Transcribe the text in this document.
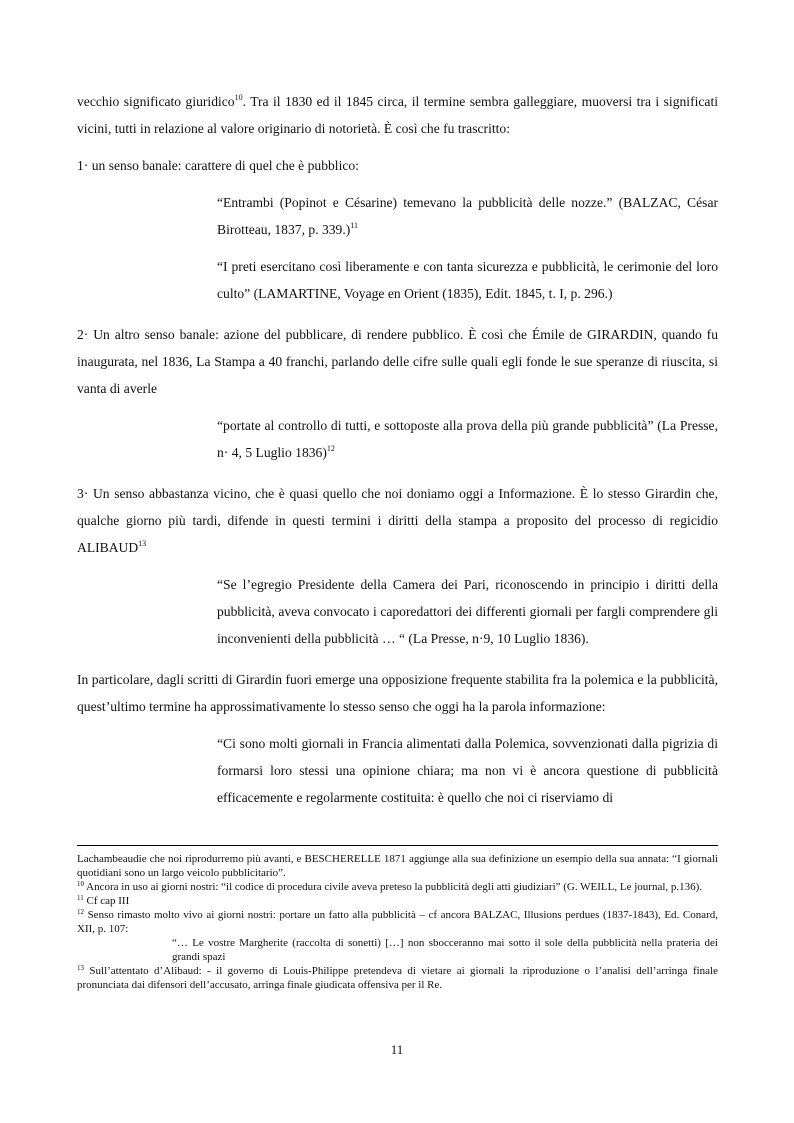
vecchio significato giuridico$^{10}$. Tra il 1830 ed il 1845 circa, il termine sembra galleggiare, muoversi tra i significati vicini, tutti in relazione al valore originario di notorietà. È così che fu trascritto:

1· un senso banale: carattere di quel che è pubblico:

“Entrambi (Popinot e Césarine) temevano la pubblicità delle nozze.” (BALZAC, César Birotteau, 1837, p. 339.)$^{11}$

“I preti esercitano così liberamente e con tanta sicurezza e pubblicità, le cerimonie del loro culto” (LAMARTINE, Voyage en Orient (1835), Edit. 1845, t. I, p. 296.)

2· Un altro senso banale: azione del pubblicare, di rendere pubblico. È così che Émile de GIRARDIN, quando fu inaugurata, nel 1836, La Stampa a 40 franchi, parlando delle cifre sulle quali egli fonde le sue speranze di riuscita, si vanta di averle

“portate al controllo di tutti, e sottoposte alla prova della più grande pubblicità” (La Presse, n· 4, 5 Luglio 1836)$^{12}$

3· Un senso abbastanza vicino, che è quasi quello che noi doniamo oggi a Informazione. È lo stesso Girardin che, qualche giorno più tardi, difende in questi termini i diritti della stampa a proposito del processo di regicidio ALIBAUD$^{13}$

“Se l’egregio Presidente della Camera dei Pari, riconoscendo in principio i diritti della pubblicità, aveva convocato i caporedattori dei differenti giornali per fargli comprendere gli inconvenienti della pubblicità … “ (La Presse, n·9, 10 Luglio 1836).

In particolare, dagli scritti di Girardin fuori emerge una opposizione frequente stabilita fra la polemica e la pubblicità, quest’ultimo termine ha approssimativamente lo stesso senso che oggi ha la parola informazione:

“Ci sono molti giornali in Francia alimentati dalla Polemica, sovvenzionati dalla pigrizia di formarsi loro stessi una opinione chiara; ma non vi è ancora questione di pubblicità efficacemente e regolarmente costituita: è quello che noi ci riserviamo di

Lachambeaudie che noi riprodurremo più avanti, e BESCHERELLE 1871 aggiunge alla sua definizione un esempio della sua annata: “I giornali quotidiani sono un largo veicolo pubblicitario”.

$^{10}$ Ancora in uso ai giorni nostri: “il codice di procedura civile aveva preteso la pubblicità degli atti giudiziari” (G. WEILL, Le journal, p.136).

$^{11}$ Cf cap III

$^{12}$ Senso rimasto molto vivo ai giorni nostri: portare un fatto alla pubblicità – cf ancora BALZAC, Illusions perdues (1837-1843), Ed. Conard, XII, p. 107:

“… Le vostre Margherite (raccolta di sonetti) […] non sbocceranno mai sotto il sole della pubblicità nella prateria dei grandi spazi

$^{13}$ Sull’attentato d’Alibaud: - il governo di Louis-Philippe pretendeva di vietare ai giornali la riproduzione o l’analisi dell’arringa finale pronunciata dai difensori dell’accusato, arringa finale giudicata offensiva per il Re.

11
